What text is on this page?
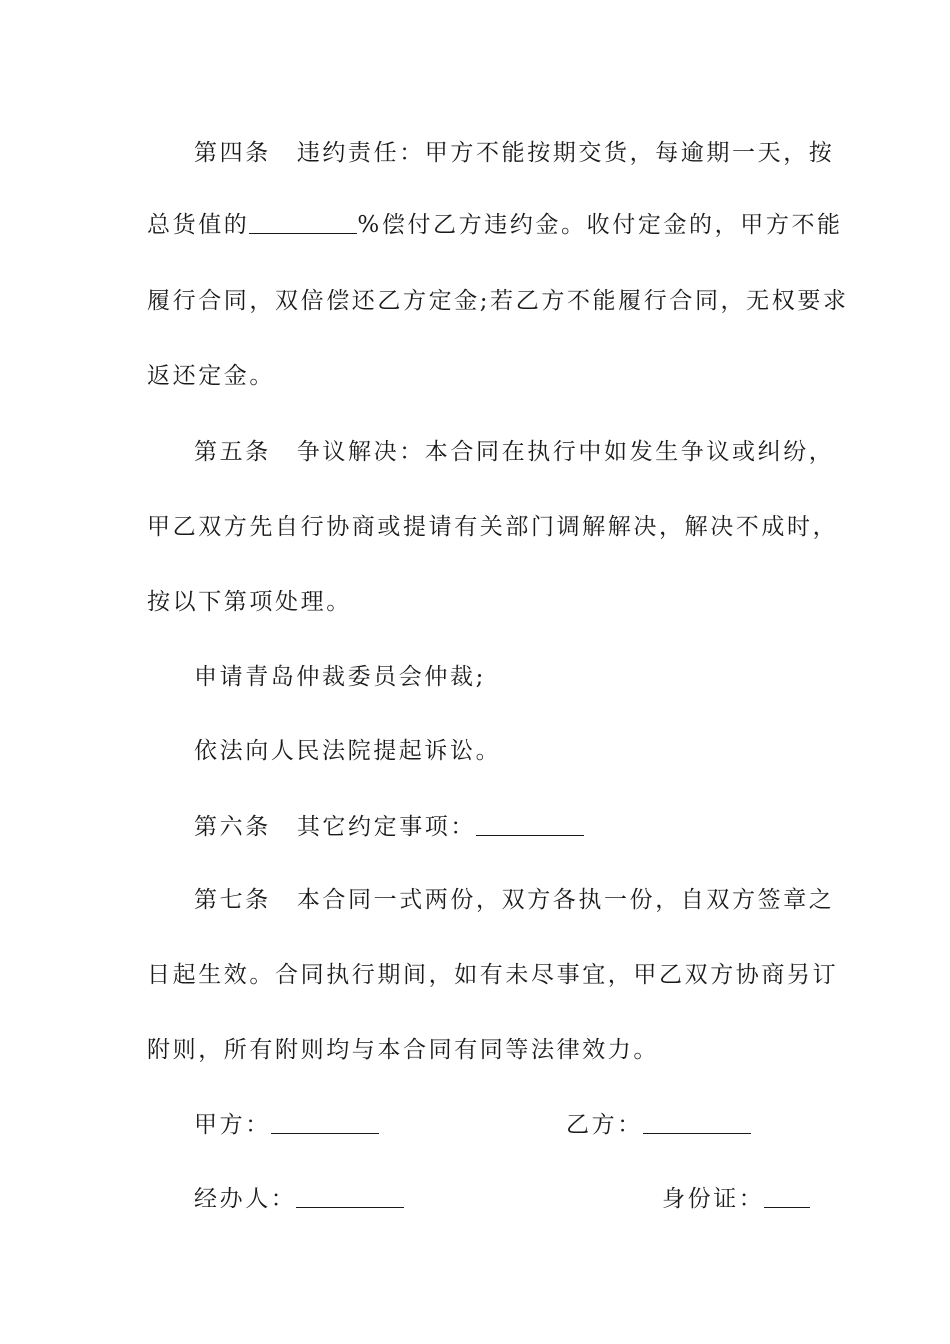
第四条 违约责任：甲方不能按期交货，每逾期一天，按
总货值的	%偿付乙方违约金。收付定金的，甲方不能
履行合同，双倍偿还乙方定金;若乙方不能履行合同，无权要求
返还定金。
第五条 争议解决：本合同在执行中如发生争议或纠纷，
甲乙双方先自行协商或提请有关部门调解解决，解决不成时，
按以下第项处理。
申请青岛仲裁委员会仲裁;
依法向人民法院提起诉讼。
第六条 其它约定事项：
第七条 本合同一式两份，双方各执一份，自双方签章之
日起生效。合同执行期间，如有未尽事宜，甲乙双方协商另订
附则，所有附则均与本合同有同等法律效力。
甲方：	乙方：
经办人：	身份证：
